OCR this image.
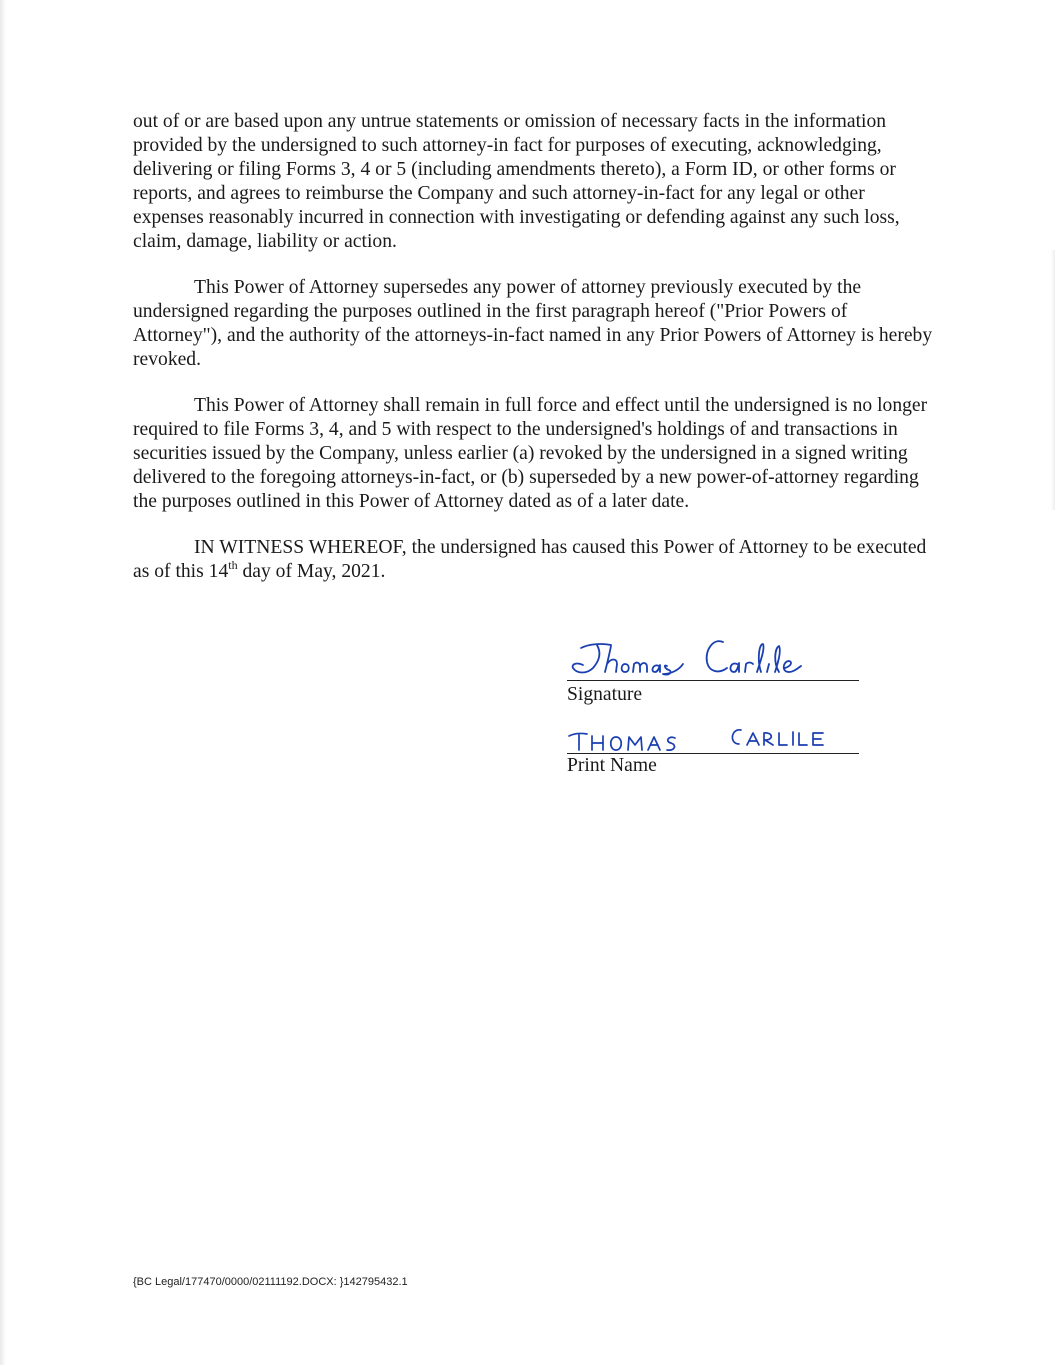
out of or are based upon any untrue statements or omission of necessary facts in the information provided by the undersigned to such attorney-in fact for purposes of executing, acknowledging, delivering or filing Forms 3, 4 or 5 (including amendments thereto), a Form ID, or other forms or reports, and agrees to reimburse the Company and such attorney-in-fact for any legal or other expenses reasonably incurred in connection with investigating or defending against any such loss, claim, damage, liability or action.

This Power of Attorney supersedes any power of attorney previously executed by the undersigned regarding the purposes outlined in the first paragraph hereof ("Prior Powers of Attorney"), and the authority of the attorneys-in-fact named in any Prior Powers of Attorney is hereby revoked.

This Power of Attorney shall remain in full force and effect until the undersigned is no longer required to file Forms 3, 4, and 5 with respect to the undersigned's holdings of and transactions in securities issued by the Company, unless earlier (a) revoked by the undersigned in a signed writing delivered to the foregoing attorneys-in-fact, or (b) superseded by a new power-of-attorney regarding the purposes outlined in this Power of Attorney dated as of a later date.

IN WITNESS WHEREOF, the undersigned has caused this Power of Attorney to be executed as of this 14th day of May, 2021.

Signature
Print Name
{BC Legal/177470/0000/02111192.DOCX: }142795432.1
